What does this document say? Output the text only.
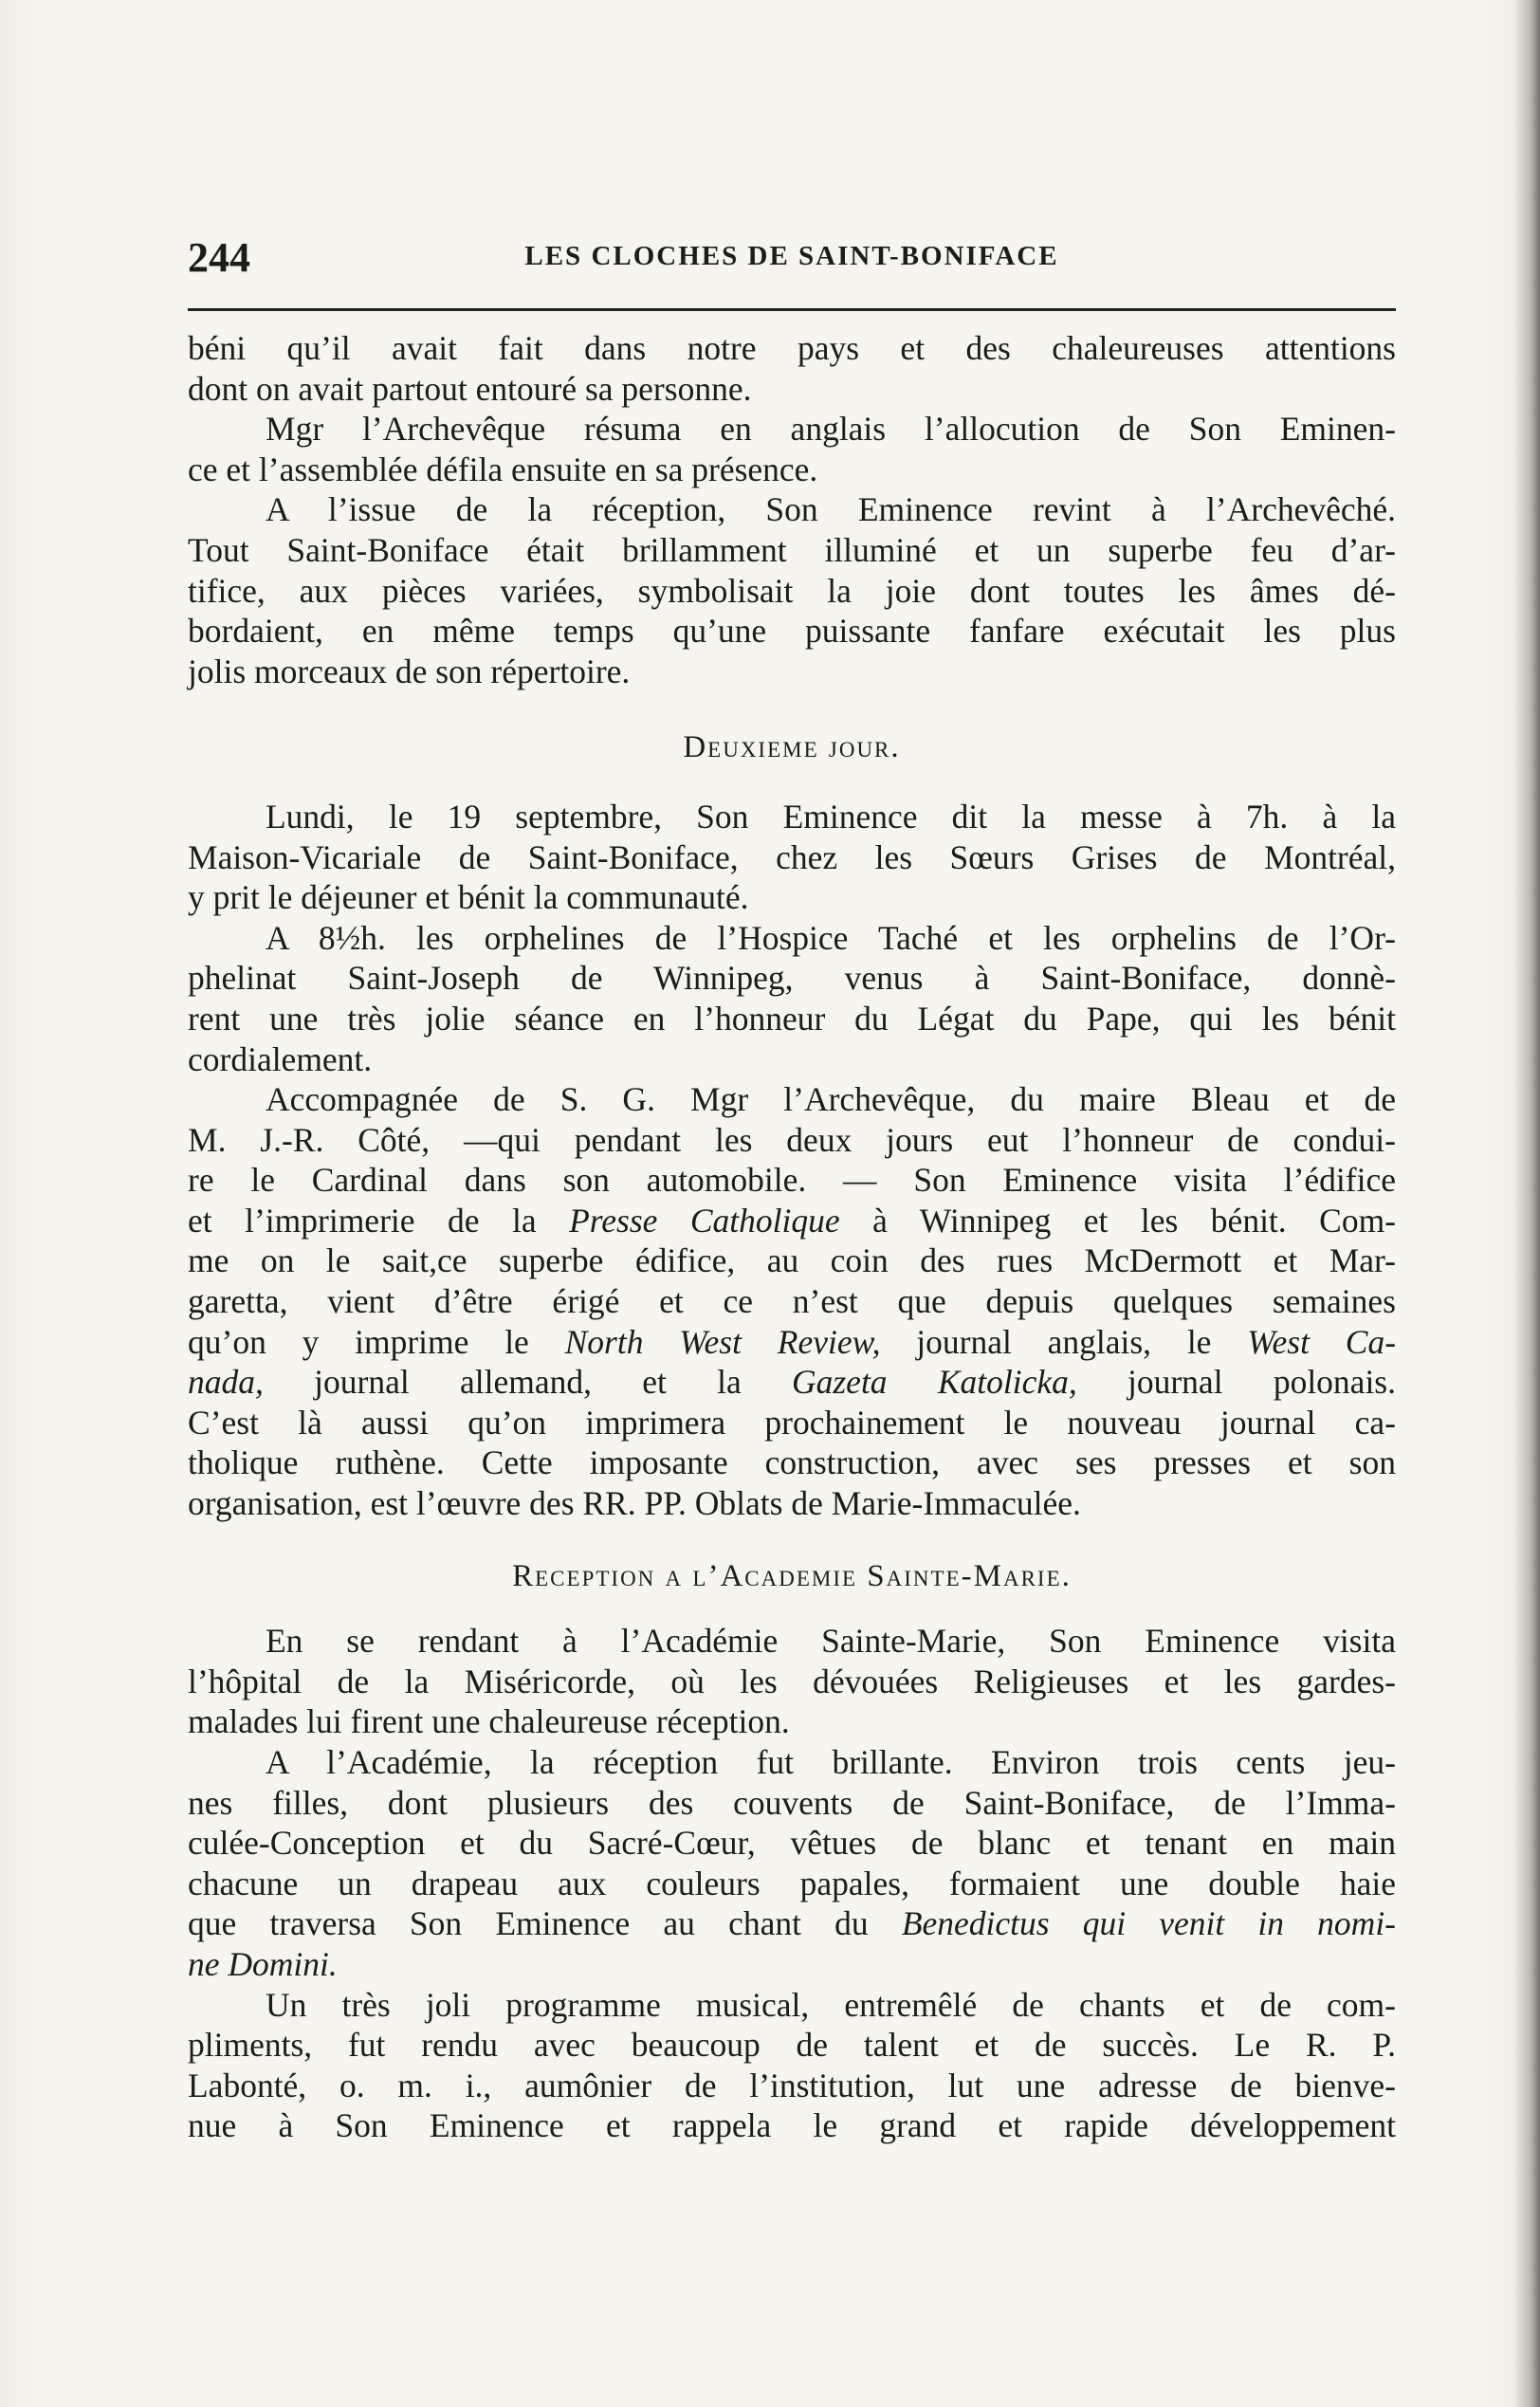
244	LES CLOCHES DE SAINT-BONIFACE
béni qu’il avait fait dans notre pays et des chaleureuses attentions
dont on avait partout entouré sa personne.
Mgr l’Archevêque résuma en anglais l’allocution de Son Eminen-
ce et l’assemblée défila ensuite en sa présence.
A l’issue de la réception, Son Eminence revint à l’Archevêché.
Tout Saint-Boniface était brillamment illuminé et un superbe feu d’ar-
tifice, aux pièces variées, symbolisait la joie dont toutes les âmes dé-
bordaient, en même temps qu’une puissante fanfare exécutait les plus
jolis morceaux de son répertoire.
Deuxieme jour.
Lundi, le 19 septembre, Son Eminence dit la messe à 7h. à la
Maison-Vicariale de Saint-Boniface, chez les Sœurs Grises de Montréal,
y prit le déjeuner et bénit la communauté.
A 8½h. les orphelines de l’Hospice Taché et les orphelins de l’Or-
phelinat Saint-Joseph de Winnipeg, venus à Saint-Boniface, donnè-
rent une très jolie séance en l’honneur du Légat du Pape, qui les bénit
cordialement.
Accompagnée de S. G. Mgr l’Archevêque, du maire Bleau et de
M. J.-R. Côté, —qui pendant les deux jours eut l’honneur de condui-
re le Cardinal dans son automobile. — Son Eminence visita l’édifice
et l’imprimerie de la Presse Catholique à Winnipeg et les bénit. Com-
me on le sait,ce superbe édifice, au coin des rues McDermott et Mar-
garetta, vient d’être érigé et ce n’est que depuis quelques semaines
qu’on y imprime le North West Review, journal anglais, le West Ca-
nada, journal allemand, et la Gazeta Katolicka, journal polonais.
C’est là aussi qu’on imprimera prochainement le nouveau journal ca-
tholique ruthène. Cette imposante construction, avec ses presses et son
organisation, est l’œuvre des RR. PP. Oblats de Marie-Immaculée.
Reception a l’Academie Sainte-Marie.
En se rendant à l’Académie Sainte-Marie, Son Eminence visita
l’hôpital de la Miséricorde, où les dévouées Religieuses et les gardes-
malades lui firent une chaleureuse réception.
A l’Académie, la réception fut brillante. Environ trois cents jeu-
nes filles, dont plusieurs des couvents de Saint-Boniface, de l’Imma-
culée-Conception et du Sacré-Cœur, vêtues de blanc et tenant en main
chacune un drapeau aux couleurs papales, formaient une double haie
que traversa Son Eminence au chant du Benedictus qui venit in nomi-
ne Domini.
Un très joli programme musical, entremêlé de chants et de com-
pliments, fut rendu avec beaucoup de talent et de succès. Le R. P.
Labonté, o. m. i., aumônier de l’institution, lut une adresse de bienve-
nue à Son Eminence et rappela le grand et rapide développement
